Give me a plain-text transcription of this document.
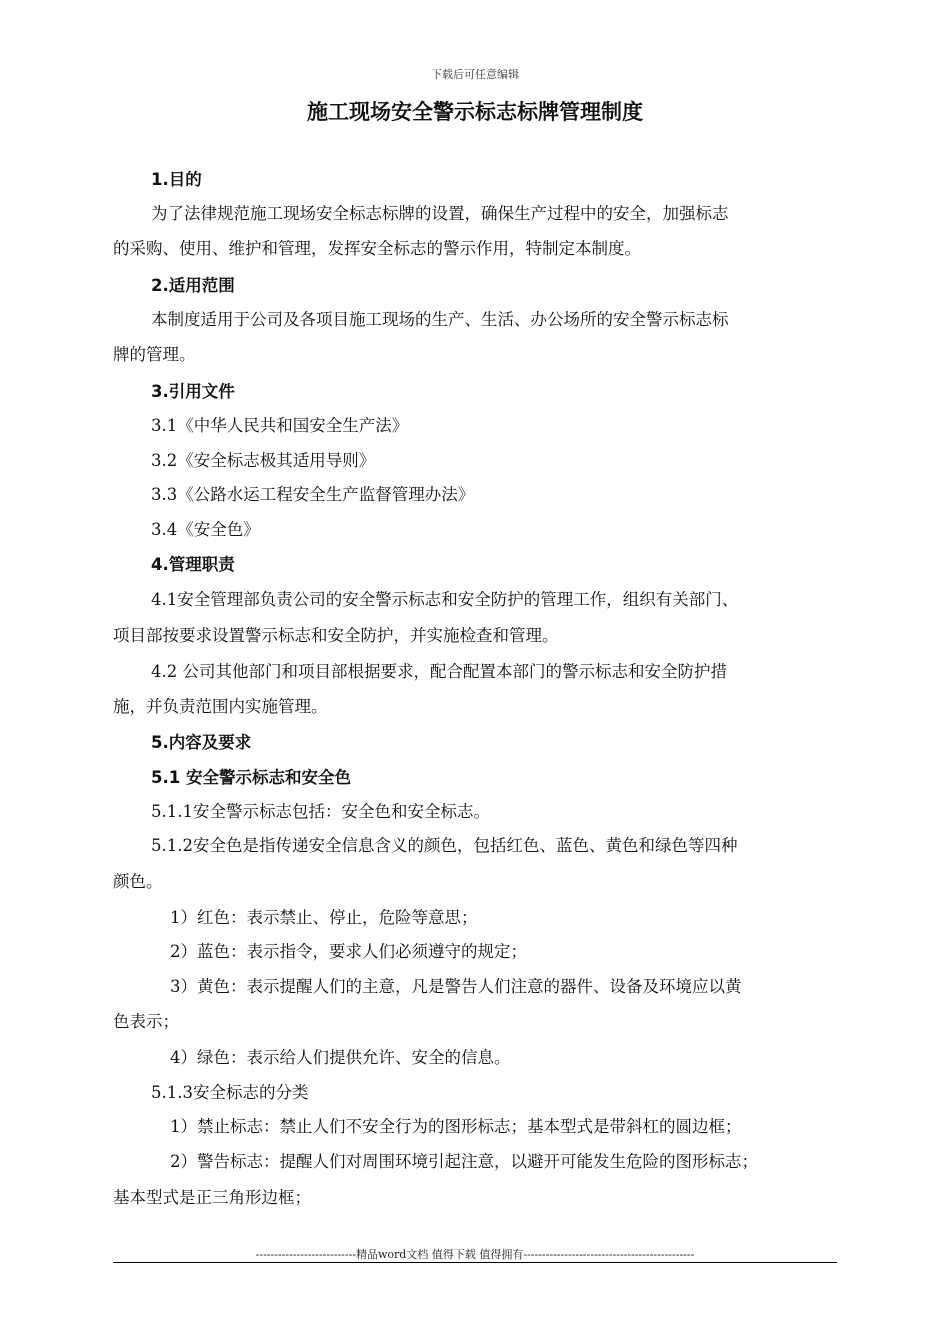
下载后可任意编辑
施工现场安全警示标志标牌管理制度
1.目的
为了法律规范施工现场安全标志标牌的设置，确保生产过程中的安全，加强标志
的采购、使用、维护和管理，发挥安全标志的警示作用，特制定本制度。
2.适用范围
本制度适用于公司及各项目施工现场的生产、生活、办公场所的安全警示标志标
牌的管理。
3.引用文件
3.1《中华人民共和国安全生产法》
3.2《安全标志极其适用导则》
3.3《公路水运工程安全生产监督管理办法》
3.4《安全色》
4.管理职责
4.1安全管理部负责公司的安全警示标志和安全防护的管理工作，组织有关部门、
项目部按要求设置警示标志和安全防护，并实施检查和管理。
4.2 公司其他部门和项目部根据要求，配合配置本部门的警示标志和安全防护措
施，并负责范围内实施管理。
5.内容及要求
5.1 安全警示标志和安全色
5.1.1安全警示标志包括：安全色和安全标志。
5.1.2安全色是指传递安全信息含义的颜色，包括红色、蓝色、黄色和绿色等四种
颜色。
1）红色：表示禁止、停止，危险等意思；
2）蓝色：表示指令，要求人们必须遵守的规定；
3）黄色：表示提醒人们的主意，凡是警告人们注意的器件、设备及环境应以黄
色表示；
4）绿色：表示给人们提供允许、安全的信息。
5.1.3安全标志的分类
1）禁止标志：禁止人们不安全行为的图形标志；基本型式是带斜杠的圆边框；
2）警告标志：提醒人们对周围环境引起注意，以避开可能发生危险的图形标志；
基本型式是正三角形边框；
---------------------------精品word文档 值得下载 值得拥有----------------------------------------------
